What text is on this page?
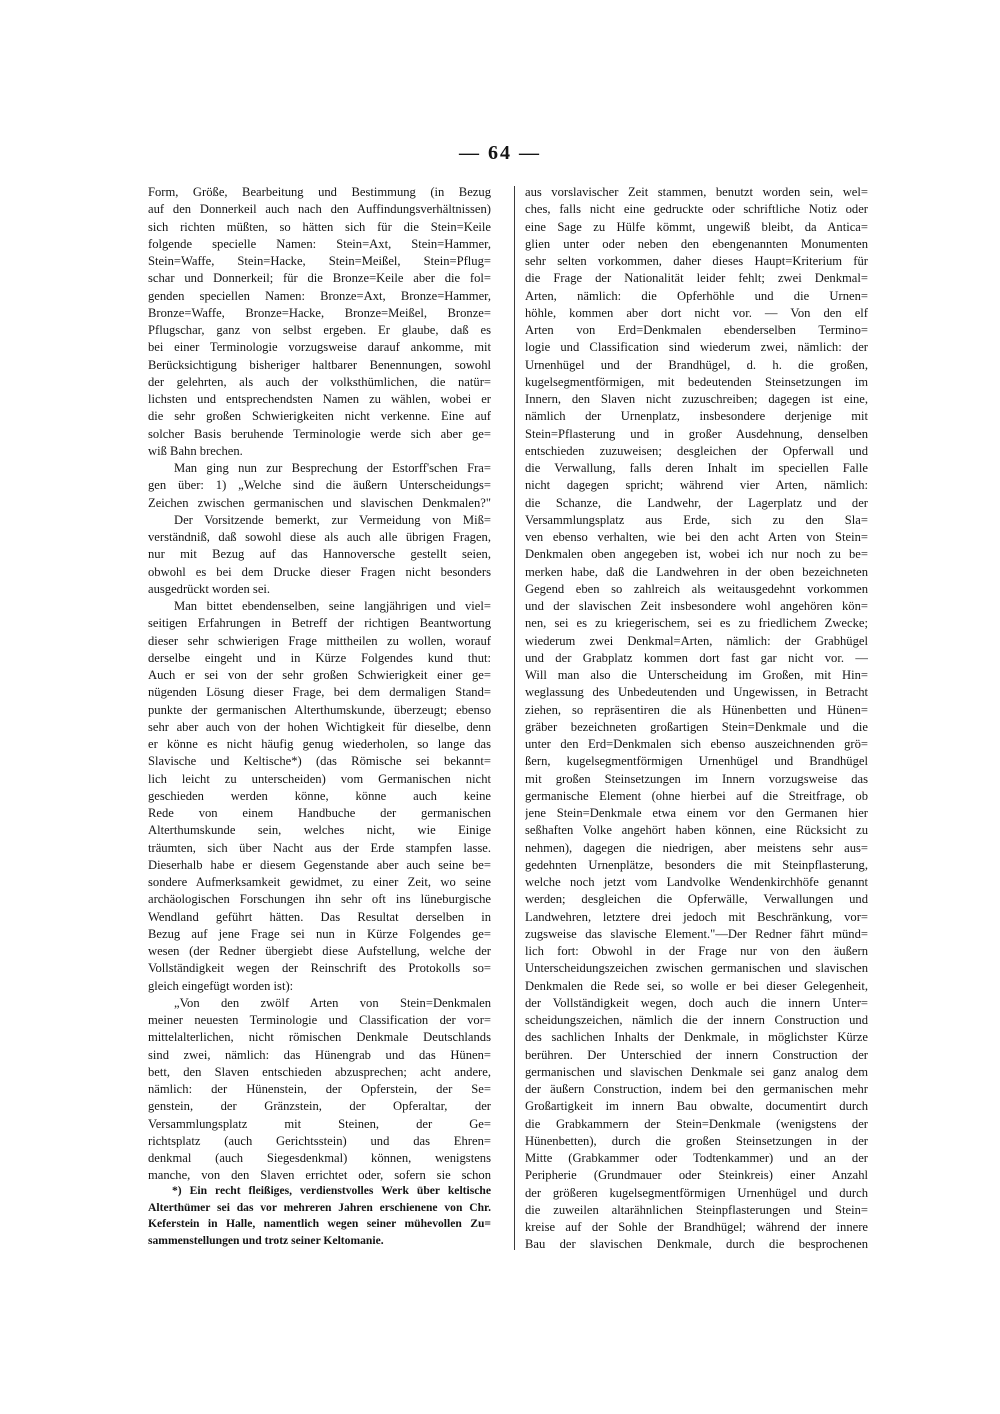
— 64 —
Form, Größe, Bearbeitung und Bestimmung (in Bezug
auf den Donnerkeil auch nach den Auffindungsverhältnissen)
sich richten müßten, so hätten sich für die Stein=Keile
folgende specielle Namen: Stein=Axt, Stein=Hammer,
Stein=Waffe, Stein=Hacke, Stein=Meißel, Stein=Pflug=
schar und Donnerkeil; für die Bronze=Keile aber die fol=
genden speciellen Namen: Bronze=Axt, Bronze=Hammer,
Bronze=Waffe, Bronze=Hacke, Bronze=Meißel, Bronze=
Pflugschar, ganz von selbst ergeben. Er glaube, daß es
bei einer Terminologie vorzugsweise darauf ankomme, mit
Berücksichtigung bisheriger haltbarer Benennungen, sowohl
der gelehrten, als auch der volksthümlichen, die natür=
lichsten und entsprechendsten Namen zu wählen, wobei er
die sehr großen Schwierigkeiten nicht verkenne. Eine auf
solcher Basis beruhende Terminologie werde sich aber ge=
wiß Bahn brechen.
Man ging nun zur Besprechung der Estorff'schen Fra=
gen über: 1) „Welche sind die äußern Unterscheidungs=
Zeichen zwischen germanischen und slavischen Denkmalen?"
Der Vorsitzende bemerkt, zur Vermeidung von Miß=
verständniß, daß sowohl diese als auch alle übrigen Fragen,
nur mit Bezug auf das Hannoversche gestellt seien,
obwohl es bei dem Drucke dieser Fragen nicht besonders
ausgedrückt worden sei.
Man bittet ebendenselben, seine langjährigen und viel=
seitigen Erfahrungen in Betreff der richtigen Beantwortung
dieser sehr schwierigen Frage mittheilen zu wollen, worauf
derselbe eingeht und in Kürze Folgendes kund thut:
Auch er sei von der sehr großen Schwierigkeit einer ge=
nügenden Lösung dieser Frage, bei dem dermaligen Stand=
punkte der germanischen Alterthumskunde, überzeugt; ebenso
sehr aber auch von der hohen Wichtigkeit für dieselbe, denn
er könne es nicht häufig genug wiederholen, so lange das
Slavische und Keltische*) (das Römische sei bekannt=
lich leicht zu unterscheiden) vom Germanischen nicht
geschieden werden könne, könne auch keine
Rede von einem Handbuche der germanischen
Alterthumskunde sein, welches nicht, wie Einige
träumten, sich über Nacht aus der Erde stampfen lasse.
Dieserhalb habe er diesem Gegenstande aber auch seine be=
sondere Aufmerksamkeit gewidmet, zu einer Zeit, wo seine
archäologischen Forschungen ihn sehr oft ins lüneburgische
Wendland geführt hätten. Das Resultat derselben in
Bezug auf jene Frage sei nun in Kürze Folgendes ge=
wesen (der Redner übergiebt diese Aufstellung, welche der
Vollständigkeit wegen der Reinschrift des Protokolls so=
gleich eingefügt worden ist):
„Von den zwölf Arten von Stein=Denkmalen
meiner neuesten Terminologie und Classification der vor=
mittelalterlichen, nicht römischen Denkmale Deutschlands
sind zwei, nämlich: das Hünengrab und das Hünen=
bett, den Slaven entschieden abzusprechen; acht andere,
nämlich: der Hünenstein, der Opferstein, der Se=
genstein, der Gränzstein, der Opferaltar, der
Versammlungsplatz mit Steinen, der Ge=
richtsplatz (auch Gerichtsstein) und das Ehren=
denkmal (auch Siegesdenkmal) können, wenigstens
manche, von den Slaven errichtet oder, sofern sie schon
aus vorslavischer Zeit stammen, benutzt worden sein, wel=
ches, falls nicht eine gedruckte oder schriftliche Notiz oder
eine Sage zu Hülfe kömmt, ungewiß bleibt, da Antica=
glien unter oder neben den ebengenannten Monumenten
sehr selten vorkommen, daher dieses Haupt=Kriterium für
die Frage der Nationalität leider fehlt; zwei Denkmal=
Arten, nämlich: die Opferhöhle und die Urnen=
höhle, kommen aber dort nicht vor. — Von den elf
Arten von Erd=Denkmalen ebenderselben Termino=
logie und Classification sind wiederum zwei, nämlich: der
Urnenhügel und der Brandhügel, d. h. die großen,
kugelsegmentförmigen, mit bedeutenden Steinsetzungen im
Innern, den Slaven nicht zuzuschreiben; dagegen ist eine,
nämlich der Urnenplatz, insbesondere derjenige mit
Stein=Pflasterung und in großer Ausdehnung, denselben
entschieden zuzuweisen; desgleichen der Opferwall und
die Verwallung, falls deren Inhalt im speciellen Falle
nicht dagegen spricht; während vier Arten, nämlich:
die Schanze, die Landwehr, der Lagerplatz und der
Versammlungsplatz aus Erde, sich zu den Sla=
ven ebenso verhalten, wie bei den acht Arten von Stein=
Denkmalen oben angegeben ist, wobei ich nur noch zu be=
merken habe, daß die Landwehren in der oben bezeichneten
Gegend eben so zahlreich als weitausgedehnt vorkommen
und der slavischen Zeit insbesondere wohl angehören kön=
nen, sei es zu kriegerischem, sei es zu friedlichem Zwecke;
wiederum zwei Denkmal=Arten, nämlich: der Grabhügel
und der Grabplatz kommen dort fast gar nicht vor. —
Will man also die Unterscheidung im Großen, mit Hin=
weglassung des Unbedeutenden und Ungewissen, in Betracht
ziehen, so repräsentiren die als Hünenbetten und Hünen=
gräber bezeichneten großartigen Stein=Denkmale und die
unter den Erd=Denkmalen sich ebenso auszeichnenden grö=
ßern, kugelsegmentförmigen Urnenhügel und Brandhügel
mit großen Steinsetzungen im Innern vorzugsweise das
germanische Element (ohne hierbei auf die Streitfrage, ob
jene Stein=Denkmale etwa einem vor den Germanen hier
seßhaften Volke angehört haben können, eine Rücksicht zu
nehmen), dagegen die niedrigen, aber meistens sehr aus=
gedehnten Urnenplätze, besonders die mit Steinpflasterung,
welche noch jetzt vom Landvolke Wendenkirchhöfe genannt
werden; desgleichen die Opferwälle, Verwallungen und
Landwehren, letztere drei jedoch mit Beschränkung, vor=
zugsweise das slavische Element."—Der Redner fährt münd=
lich fort: Obwohl in der Frage nur von den äußern
Unterscheidungszeichen zwischen germanischen und slavischen
Denkmalen die Rede sei, so wolle er bei dieser Gelegenheit,
der Vollständigkeit wegen, doch auch die innern Unter=
scheidungszeichen, nämlich die der innern Construction und
des sachlichen Inhalts der Denkmale, in möglichster Kürze
berühren. Der Unterschied der innern Construction der
germanischen und slavischen Denkmale sei ganz analog dem
der äußern Construction, indem bei den germanischen mehr
Großartigkeit im innern Bau obwalte, documentirt durch
die Grabkammern der Stein=Denkmale (wenigstens der
Hünenbetten), durch die großen Steinsetzungen in der
Mitte (Grabkammer oder Todtenkammer) und an der
Peripherie (Grundmauer oder Steinkreis) einer Anzahl
der größeren kugelsegmentförmigen Urnenhügel und durch
die zuweilen altarähnlichen Steinpflasterungen und Stein=
kreise auf der Sohle der Brandhügel; während der innere
Bau der slavischen Denkmale, durch die besprochenen
*) Ein recht fleißiges, verdienstvolles Werk über keltische
Alterthümer sei das vor mehreren Jahren erschienene von Chr.
Keferstein in Halle, namentlich wegen seiner mühevollen Zu=
sammenstellungen und trotz seiner Keltomanie.
